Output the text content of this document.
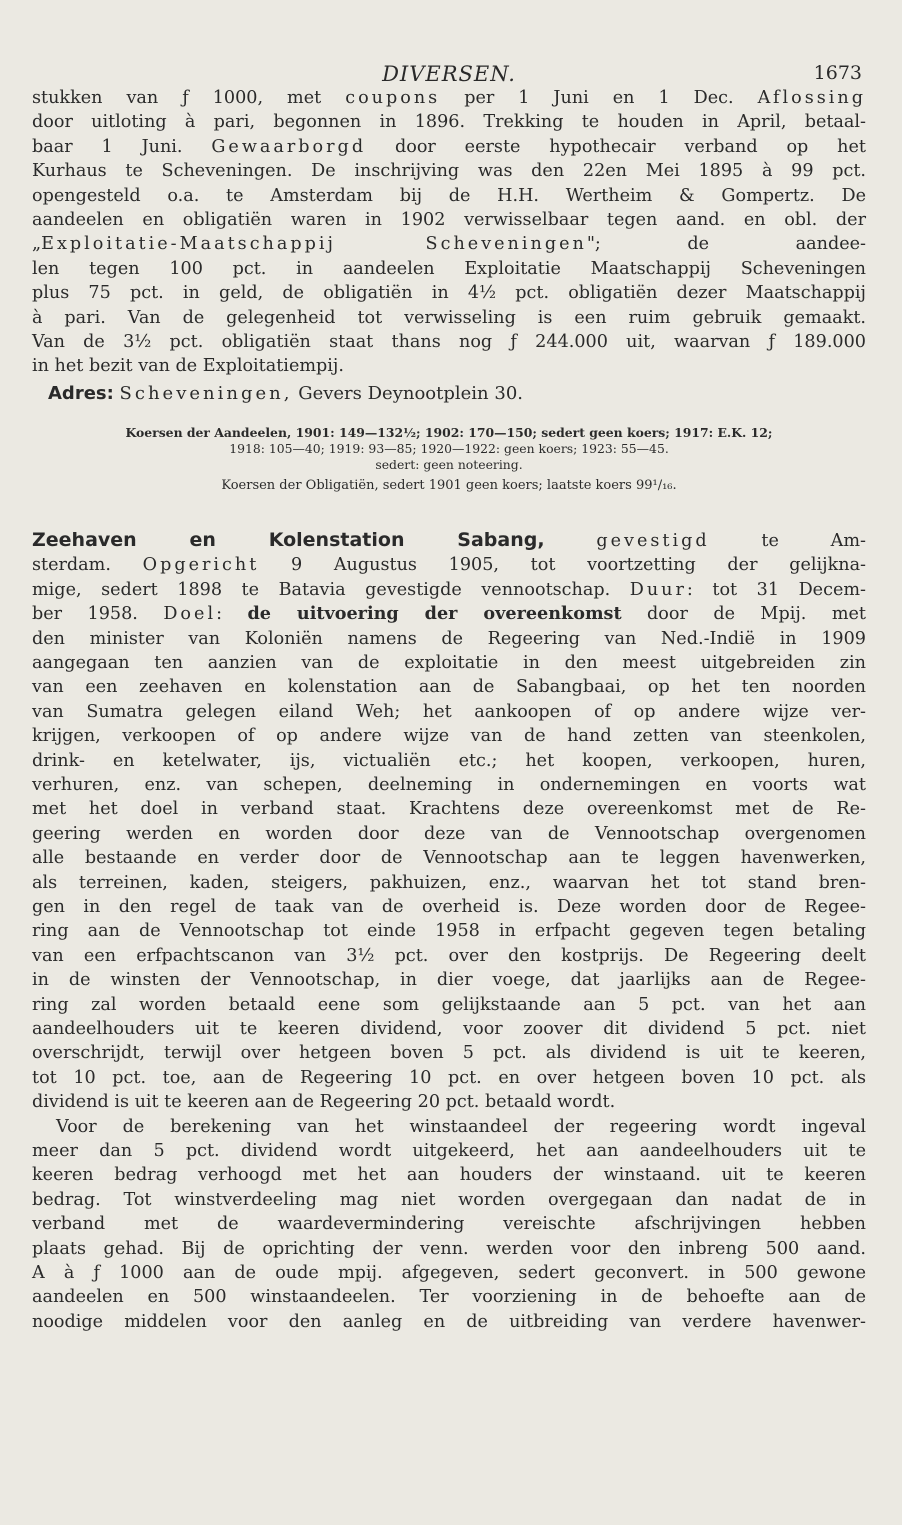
DIVERSEN.	1673
stukken van ƒ 1000, met coupons per 1 Juni en 1 Dec. Aflossing
door uitloting à pari, begonnen in 1896. Trekking te houden in April, betaal-
baar 1 Juni. Gewaarborgd door eerste hypothecair verband op het
Kurhaus te Scheveningen. De inschrijving was den 22en Mei 1895 à 99 pct.
opengesteld o.a. te Amsterdam bij de H.H. Wertheim & Gompertz. De
aandeelen en obligatiën waren in 1902 verwisselbaar tegen aand. en obl. der
„Exploitatie-Maatschappij Scheveningen"; de aandee-
len tegen 100 pct. in aandeelen Exploitatie Maatschappij Scheveningen
plus 75 pct. in geld, de obligatiën in 4½ pct. obligatiën dezer Maatschappij
à pari. Van de gelegenheid tot verwisseling is een ruim gebruik gemaakt.
Van de 3½ pct. obligatiën staat thans nog ƒ 244.000 uit, waarvan ƒ 189.000
in het bezit van de Exploitatiempij.
Adres: Scheveningen, Gevers Deynootplein 30.
Koersen der Aandeelen, 1901: 149—132½; 1902: 170—150; sedert geen koers; 1917: E.K. 12;
1918: 105—40; 1919: 93—85; 1920—1922: geen koers; 1923: 55—45.
sedert: geen noteering.
Koersen der Obligatiën, sedert 1901 geen koers; laatste koers 99¹/₁₆.
Zeehaven en Kolenstation Sabang,	gevestigd te Am-
sterdam. Opgericht 9 Augustus 1905, tot voortzetting der gelijkna-
mige, sedert 1898 te Batavia gevestigde vennootschap. Duur: tot 31 Decem-
ber 1958. Doel: de uitvoering der overeenkomst door de Mpij. met
den minister van Koloniën namens de Regeering van Ned.-Indië in 1909
aangegaan ten aanzien van de exploitatie in den meest uitgebreiden zin
van een zeehaven en kolenstation aan de Sabangbaai, op het ten noorden
van Sumatra gelegen eiland Weh; het aankoopen of op andere wijze ver-
krijgen, verkoopen of op andere wijze van de hand zetten van steenkolen,
drink- en ketelwater, ijs, victualiën etc.; het koopen, verkoopen, huren,
verhuren, enz. van schepen, deelneming in ondernemingen en voorts wat
met het doel in verband staat. Krachtens deze overeenkomst met de Re-
geering werden en worden door deze van de Vennootschap overgenomen
alle bestaande en verder door de Vennootschap aan te leggen havenwerken,
als terreinen, kaden, steigers, pakhuizen, enz., waarvan het tot stand bren-
gen in den regel de taak van de overheid is. Deze worden door de Regee-
ring aan de Vennootschap tot einde 1958 in erfpacht gegeven tegen betaling
van een erfpachtscanon van 3½ pct. over den kostprijs. De Regeering deelt
in de winsten der Vennootschap, in dier voege, dat jaarlijks aan de Regee-
ring zal worden betaald eene som gelijkstaande aan 5 pct. van het aan
aandeelhouders uit te keeren dividend, voor zoover dit dividend 5 pct. niet
overschrijdt, terwijl over hetgeen boven 5 pct. als dividend is uit te keeren,
tot 10 pct. toe, aan de Regeering 10 pct. en over hetgeen boven 10 pct. als
dividend is uit te keeren aan de Regeering 20 pct. betaald wordt.
Voor de berekening van het winstaandeel der regeering wordt ingeval
meer dan 5 pct. dividend wordt uitgekeerd, het aan aandeelhouders uit te
keeren bedrag verhoogd met het aan houders der winstaand. uit te keeren
bedrag. Tot winstverdeeling mag niet worden overgegaan dan nadat de in
verband met de waardevermindering vereischte afschrijvingen hebben
plaats gehad. Bij de oprichting der venn. werden voor den inbreng 500 aand.
A à ƒ 1000 aan de oude mpij. afgegeven, sedert geconvert. in 500 gewone
aandeelen en 500 winstaandeelen. Ter voorziening in de behoefte aan de
noodige middelen voor den aanleg en de uitbreiding van verdere havenwer-
